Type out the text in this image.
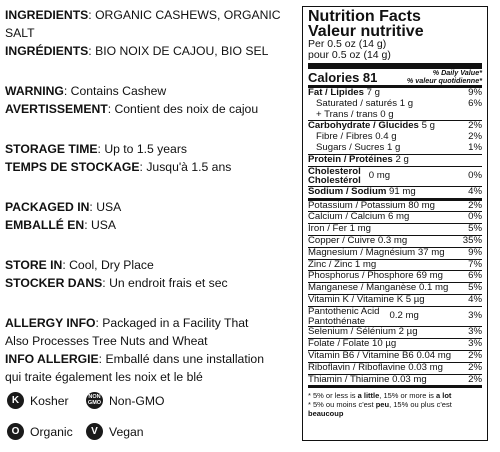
INGREDIENTS: ORGANIC CASHEWS, ORGANIC
SALT
INGRÉDIENTS: BIO NOIX DE CAJOU, BIO SEL
WARNING: Contains Cashew
AVERTISSEMENT: Contient des noix de cajou
STORAGE TIME: Up to 1.5 years
TEMPS DE STOCKAGE: Jusqu'à 1.5 ans
PACKAGED IN: USA
EMBALLÉ EN: USA
STORE IN: Cool, Dry Place
STOCKER DANS: Un endroit frais et sec
ALLERGY INFO: Packaged in a Facility That
Also Processes Tree Nuts and Wheat
INFO ALLERGIE: Emballé dans une installation
qui traite également les noix et le blé
K Kosher	NON
GMO Non-GMO
O Organic	V Vegan
Nutrition Facts
Valeur nutritive
Per 0.5 oz (14 g)
pour 0.5 oz (14 g)
Calories 81	% Daily Value*
% valeur quotidienne*
Fat / Lipides 7 g	9%
Saturated / saturés 1 g	6%
+ Trans / trans 0 g
Carbohydrate / Glucides 5 g	2%
Fibre / Fibres 0.4 g	2%
Sugars / Sucres 1 g	1%
Protein / Protéines 2 g
Cholesterol
Cholestérol 0 mg	0%
Sodium / Sodium 91 mg	4%
Potassium / Potassium 80 mg	2%
Calcium / Calcium 6 mg	0%
Iron / Fer 1 mg	5%
Copper / Cuivre 0.3 mg	35%
Magnesium / Magnésium 37 mg 9%
Zinc / Zinc 1 mg	7%
Phosphorus / Phosphore 69 mg	6%
Manganese / Manganèse 0.1 mg 5%
Vitamin K / Vitamine K 5 µg	4%
Pantothenic Acid
Pantothénate	0.2 mg	3%
Selenium / Sélénium 2 µg	3%
Folate / Folate 10 µg	3%
Vitamin B6 / Vitamine B6 0.04 mg 2%
Riboflavin / Riboflavine 0.03 mg	2%
Thiamin / Thiamine 0.03 mg	2%
* 5% or less is a little, 15% or more is a lot
* 5% ou moins c'est peu, 15% ou plus c'est beaucoup
